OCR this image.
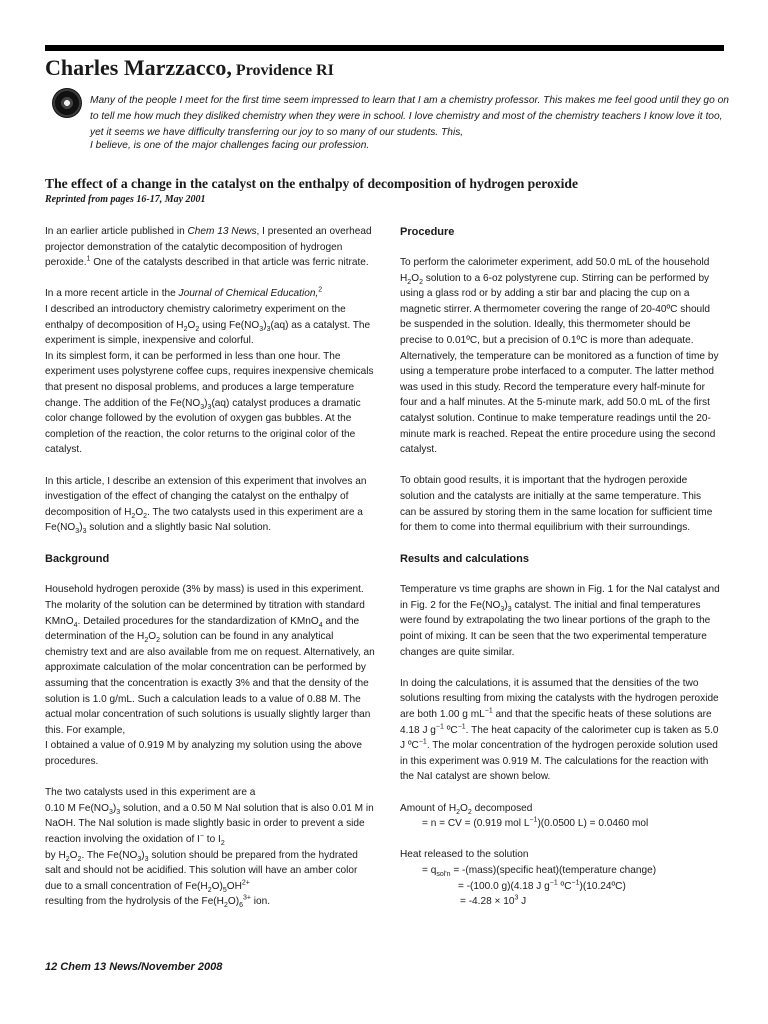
Charles Marzzacco, Providence RI
Many of the people I meet for the first time seem impressed to learn that I am a chemistry professor. This makes me feel good until they go on to tell me how much they disliked chemistry when they were in school. I love chemistry and most of the chemistry teachers I know love it too, yet it seems we have difficulty transferring our joy to so many of our students. This,
I believe, is one of the major challenges facing our profession.
The effect of a change in the catalyst on the enthalpy of decomposition of hydrogen peroxide
Reprinted from pages 16-17, May 2001

In an earlier article published in Chem 13 News, I presented an overhead projector demonstration of the catalytic decomposition of hydrogen peroxide.$^1$ One of the catalysts described in that article was ferric nitrate.

In a more recent article in the Journal of Chemical Education,$^2$
I described an introductory chemistry calorimetry experiment on the enthalpy of decomposition of $H_2O_2$ using $Fe(NO_3)_3(aq)$ as a catalyst. The experiment is simple, inexpensive and colorful.
In its simplest form, it can be performed in less than one hour. The experiment uses polystyrene coffee cups, requires inexpensive chemicals that present no disposal problems, and produces a large temperature change. The addition of the $Fe(NO_3)_3(aq)$ catalyst produces a dramatic color change followed by the evolution of oxygen gas bubbles. At the completion of the reaction, the color returns to the original color of the catalyst.

In this article, I describe an extension of this experiment that involves an investigation of the effect of changing the catalyst on the enthalpy of decomposition of $H_2O_2$. The two catalysts used in this experiment are a $Fe(NO_3)_3$ solution and a slightly basic NaI solution.

Background

Household hydrogen peroxide (3% by mass) is used in this experiment. The molarity of the solution can be determined by titration with standard KMnO$_4$. Detailed procedures for the standardization of KMnO$_4$ and the determination of the $H_2O_2$ solution can be found in any analytical chemistry text and are also available from me on request. Alternatively, an approximate calculation of the molar concentration can be performed by assuming that the concentration is exactly 3% and that the density of the solution is 1.0 g/mL. Such a calculation leads to a value of 0.88 M. The actual molar concentration of such solutions is usually slightly larger than this. For example,
I obtained a value of 0.919 M by analyzing my solution using the above procedures.

The two catalysts used in this experiment are a
0.10 M $Fe(NO_3)_3$ solution, and a 0.50 M NaI solution that is also 0.01 M in NaOH. The NaI solution is made slightly basic in order to prevent a side reaction involving the oxidation of I− to $I_2$
by $H_2O_2$. The $Fe(NO_3)_3$ solution should be prepared from the hydrated salt and should not be acidified. This solution will have an amber color due to a small concentration of $Fe(H_2O)_5OH^{2+}$
resulting from the hydrolysis of the $Fe(H_2O)_6^{3+}$ ion.

Procedure

To perform the calorimeter experiment, add 50.0 mL of the household $H_2O_2$ solution to a 6-oz polystyrene cup. Stirring can be performed by using a glass rod or by adding a stir bar and placing the cup on a magnetic stirrer. A thermometer covering the range of 20-40ºC should be suspended in the solution. Ideally, this thermometer should be precise to 0.01ºC, but a precision of 0.1ºC is more than adequate. Alternatively, the temperature can be monitored as a function of time by using a temperature probe interfaced to a computer. The latter method was used in this study. Record the temperature every half-minute for four and a half minutes. At the 5-minute mark, add 50.0 mL of the first catalyst solution. Continue to make temperature readings until the 20-minute mark is reached. Repeat the entire procedure using the second catalyst.

To obtain good results, it is important that the hydrogen peroxide solution and the catalysts are initially at the same temperature. This can be assured by storing them in the same location for sufficient time for them to come into thermal equilibrium with their surroundings.

Results and calculations

Temperature vs time graphs are shown in Fig. 1 for the NaI catalyst and in Fig. 2 for the $Fe(NO_3)_3$ catalyst. The initial and final temperatures were found by extrapolating the two linear portions of the graph to the point of mixing. It can be seen that the two experimental temperature changes are quite similar.

In doing the calculations, it is assumed that the densities of the two solutions resulting from mixing the catalysts with the hydrogen peroxide are both 1.00 g $mL^{-1}$ and that the specific heats of these solutions are 4.18 J $g^{-1}$ ºC$^{-1}$. The heat capacity of the calorimeter cup is taken as 5.0 J ºC$^{-1}$. The molar concentration of the hydrogen peroxide solution used in this experiment was 0.919 M. The calculations for the reaction with the NaI catalyst are shown below.

Amount of $H_2O_2$ decomposed
= n = CV = (0.919 mol $L^{-1})(0.0500$ L) = 0.0460 mol
Heat released to the solution
= $q_{sol'n}$ = -(mass)(specific heat)(temperature change)
= -(100.0 g)(4.18 J $g^{-1}$ ºC$^{-1}$)(10.24ºC)
= $-4.28 \times 10^3$ J
12 Chem 13 News/November 2008
